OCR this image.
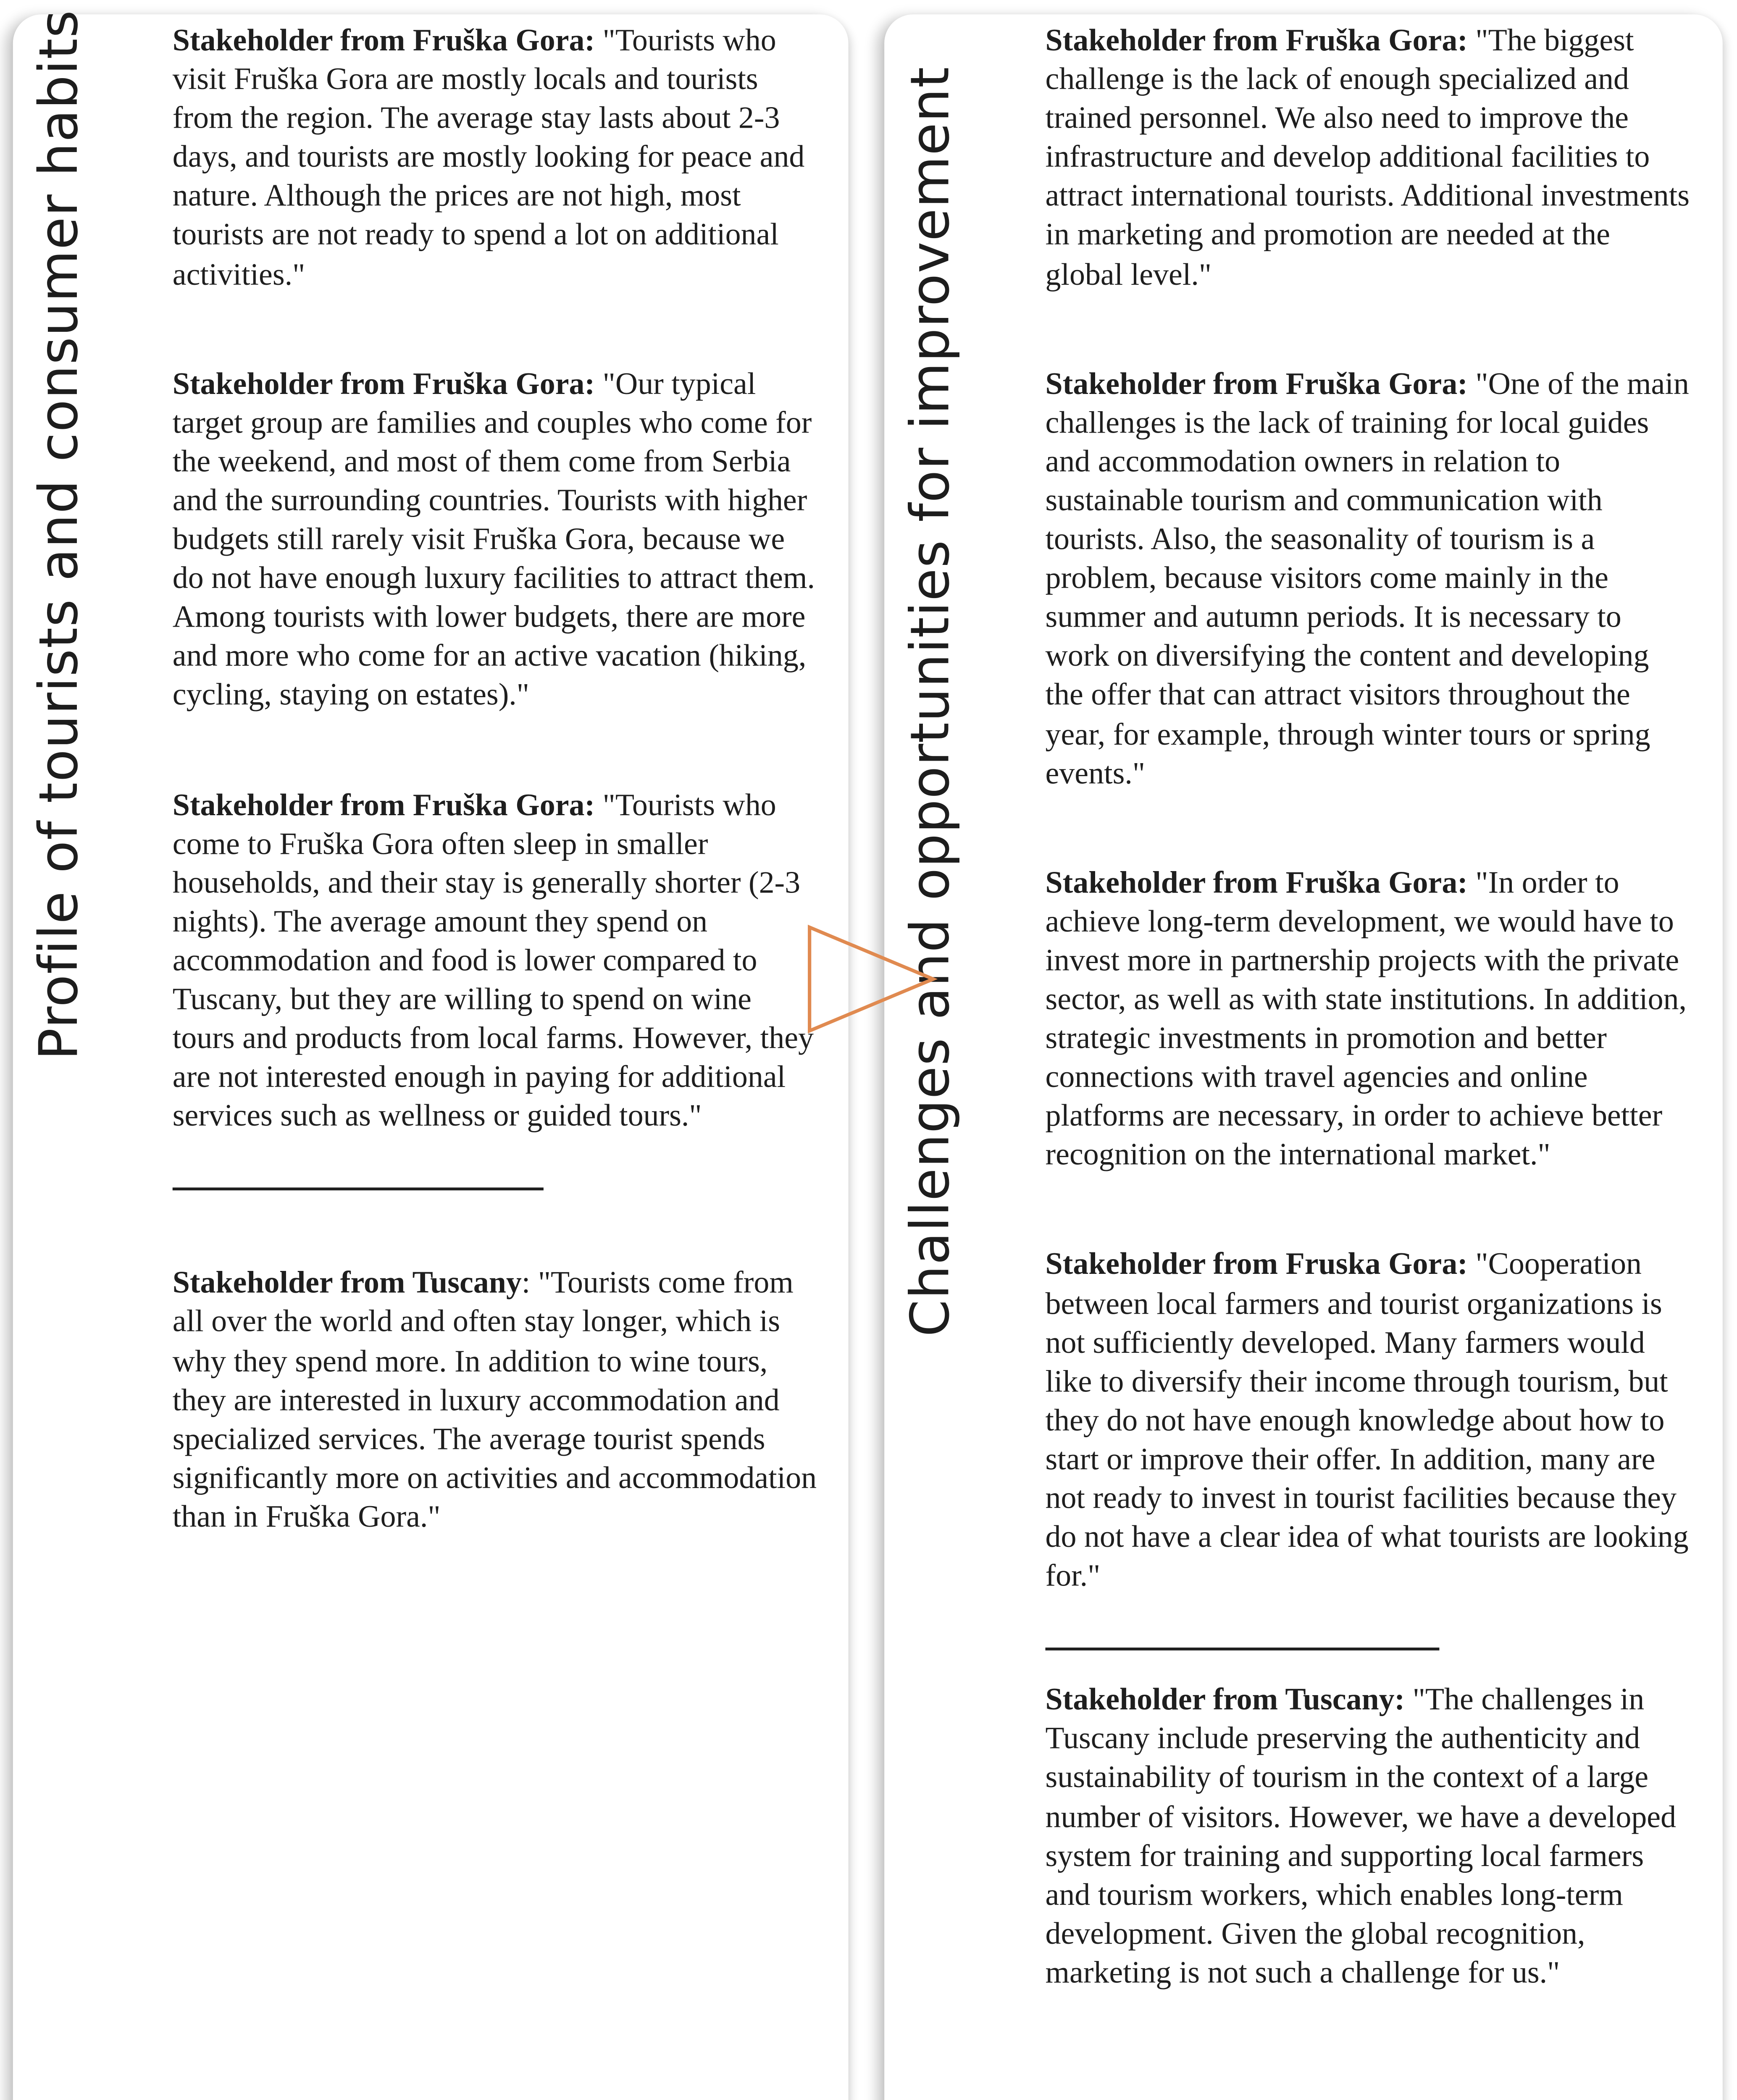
Profile of tourists and consumer habits	Challenges and opportunities for improvement

Stakeholder from Fruška Gora: "Tourists who visit Fruška Gora are mostly locals and tourists from the region. The average stay lasts about 2-3 days, and tourists are mostly looking for peace and nature. Although the prices are not high, most tourists are not ready to spend a lot on additional activities."

Stakeholder from Fruška Gora: "Our typical target group are families and couples who come for the weekend, and most of them come from Serbia and the surrounding countries. Tourists with higher budgets still rarely visit Fruška Gora, because we do not have enough luxury facilities to attract them. Among tourists with lower budgets, there are more and more who come for an active vacation (hiking, cycling, staying on estates)."

Stakeholder from Fruška Gora: "Tourists who come to Fruška Gora often sleep in smaller households, and their stay is generally shorter (2-3 nights). The average amount they spend on accommodation and food is lower compared to Tuscany, but they are willing to spend on wine tours and products from local farms. However, they are not interested enough in paying for additional services such as wellness or guided tours."

Stakeholder from Tuscany: "Tourists come from all over the world and often stay longer, which is why they spend more. In addition to wine tours, they are interested in luxury accommodation and specialized services. The average tourist spends significantly more on activities and accommodation than in Fruška Gora."

Stakeholder from Fruška Gora: "The biggest challenge is the lack of enough specialized and trained personnel. We also need to improve the infrastructure and develop additional facilities to attract international tourists. Additional investments in marketing and promotion are needed at the global level."

Stakeholder from Fruška Gora: "One of the main challenges is the lack of training for local guides and accommodation owners in relation to sustainable tourism and communication with tourists. Also, the seasonality of tourism is a problem, because visitors come mainly in the summer and autumn periods. It is necessary to work on diversifying the content and developing the offer that can attract visitors throughout the year, for example, through winter tours or spring events."

Stakeholder from Fruška Gora: "In order to achieve long-term development, we would have to invest more in partnership projects with the private sector, as well as with state institutions. In addition, strategic investments in promotion and better connections with travel agencies and online platforms are necessary, in order to achieve better recognition on the international market."

Stakeholder from Fruska Gora: "Cooperation between local farmers and tourist organizations is not sufficiently developed. Many farmers would like to diversify their income through tourism, but they do not have enough knowledge about how to start or improve their offer. In addition, many are not ready to invest in tourist facilities because they do not have a clear idea of what tourists are looking for."

Stakeholder from Tuscany: "The challenges in Tuscany include preserving the authenticity and sustainability of tourism in the context of a large number of visitors. However, we have a developed system for training and supporting local farmers and tourism workers, which enables long-term development. Given the global recognition, marketing is not such a challenge for us."
